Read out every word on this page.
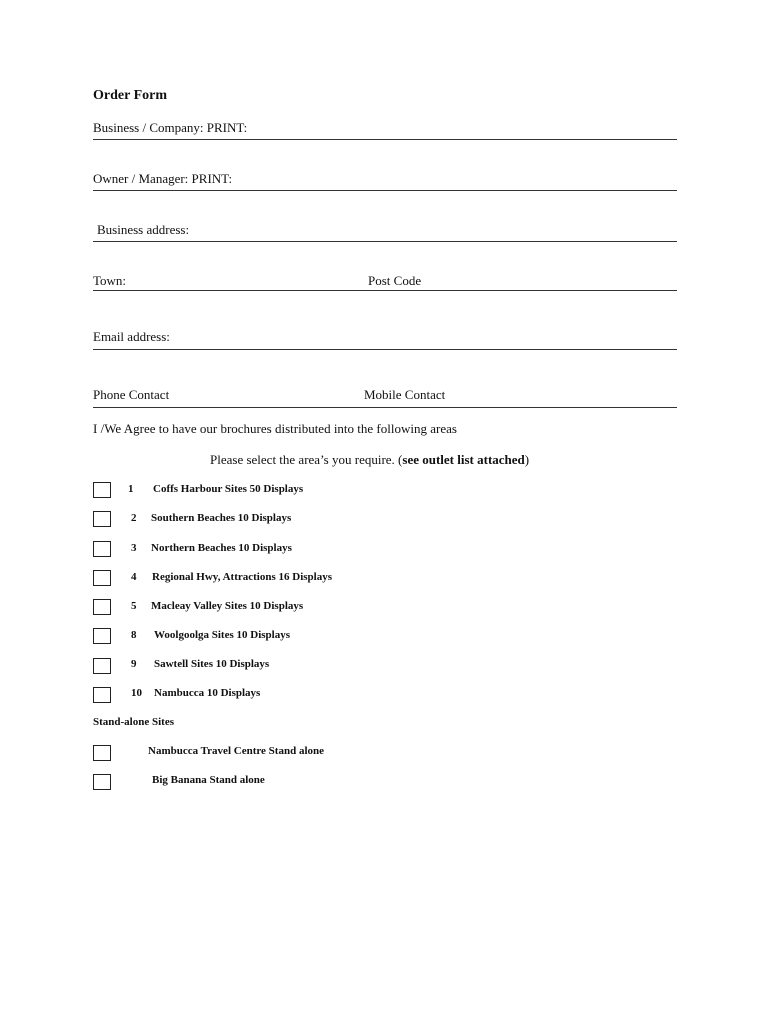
Order Form
Business / Company: PRINT:
Owner / Manager: PRINT:
Business address:
Town:	Post Code
Email address:
Phone Contact	Mobile Contact
I /We Agree to have our brochures distributed into the following areas
Please select the area’s you require. (see outlet list attached)
1 Coffs Harbour Sites 50 Displays
2 Southern Beaches 10 Displays
3 Northern Beaches 10 Displays
4 Regional Hwy, Attractions 16 Displays
5 Macleay Valley Sites 10 Displays
8 Woolgoolga Sites 10 Displays
9 Sawtell Sites 10 Displays
10 Nambucca 10 Displays
Stand-alone Sites
Nambucca Travel Centre Stand alone
Big Banana Stand alone
